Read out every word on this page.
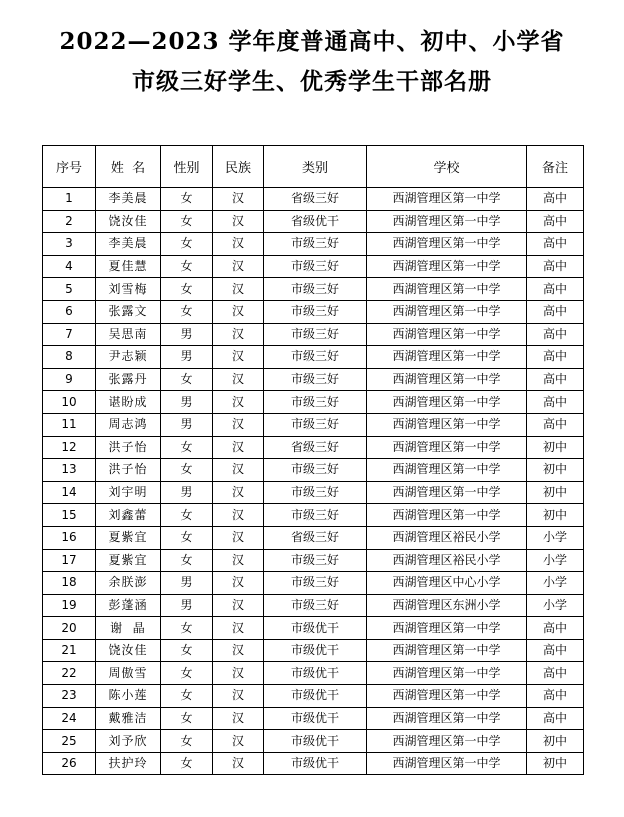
2022—2023 学年度普通高中、初中、小学省
市级三好学生、优秀学生干部名册
序号	姓  名	性别	民族	类别	学校	备注
1	李美晨	女	汉	省级三好	西湖管理区第一中学	高中
2	饶汝佳	女	汉	省级优干	西湖管理区第一中学	高中
3	李美晨	女	汉	市级三好	西湖管理区第一中学	高中
4	夏佳慧	女	汉	市级三好	西湖管理区第一中学	高中
5	刘雪梅	女	汉	市级三好	西湖管理区第一中学	高中
6	张露文	女	汉	市级三好	西湖管理区第一中学	高中
7	吴思南	男	汉	市级三好	西湖管理区第一中学	高中
8	尹志颖	男	汉	市级三好	西湖管理区第一中学	高中
9	张露丹	女	汉	市级三好	西湖管理区第一中学	高中
10	谌盼成	男	汉	市级三好	西湖管理区第一中学	高中
11	周志鸿	男	汉	市级三好	西湖管理区第一中学	高中
12	洪子怡	女	汉	省级三好	西湖管理区第一中学	初中
13	洪子怡	女	汉	市级三好	西湖管理区第一中学	初中
14	刘宇明	男	汉	市级三好	西湖管理区第一中学	初中
15	刘鑫蕾	女	汉	市级三好	西湖管理区第一中学	初中
16	夏紫宜	女	汉	省级三好	西湖管理区裕民小学	小学
17	夏紫宜	女	汉	市级三好	西湖管理区裕民小学	小学
18	余朕澎	男	汉	市级三好	西湖管理区中心小学	小学
19	彭蓬涵	男	汉	市级三好	西湖管理区东洲小学	小学
20	谢  晶	女	汉	市级优干	西湖管理区第一中学	高中
21	饶汝佳	女	汉	市级优干	西湖管理区第一中学	高中
22	周傲雪	女	汉	市级优干	西湖管理区第一中学	高中
23	陈小莲	女	汉	市级优干	西湖管理区第一中学	高中
24	戴雅洁	女	汉	市级优干	西湖管理区第一中学	高中
25	刘予欣	女	汉	市级优干	西湖管理区第一中学	初中
26	扶护玲	女	汉	市级优干	西湖管理区第一中学	初中
